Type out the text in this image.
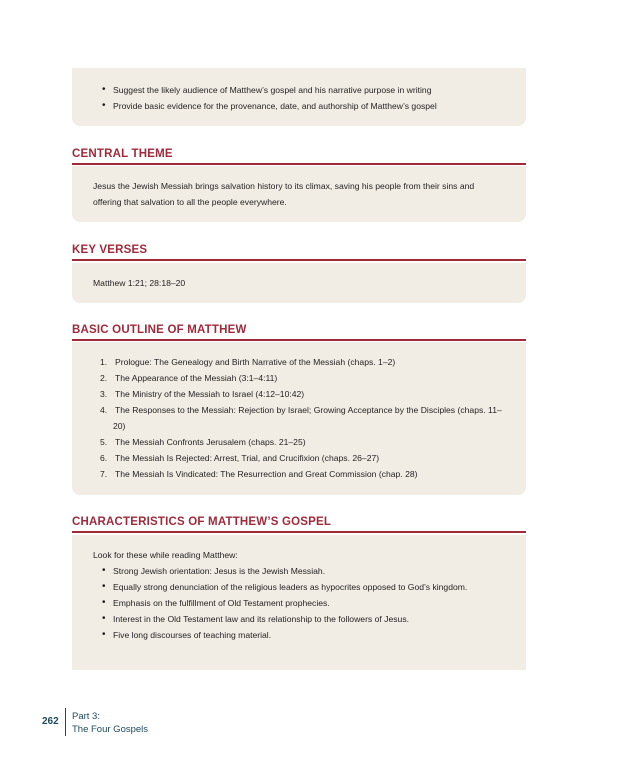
• Suggest the likely audience of Matthew’s gospel and his narrative purpose in writing
• Provide basic evidence for the provenance, date, and authorship of Matthew’s gospel
CENTRAL THEME

Jesus the Jewish Messiah brings salvation history to its climax, saving his people from their sins and offering that salvation to all the people everywhere.

KEY VERSES

Matthew 1:21; 28:18–20

BASIC OUTLINE OF MATTHEW
1. Prologue: The Genealogy and Birth Narrative of the Messiah (chaps. 1–2)
2. The Appearance of the Messiah (3:1–4:11)
3. The Ministry of the Messiah to Israel (4:12–10:42)
4. The Responses to the Messiah: Rejection by Israel; Growing Acceptance by the Disciples (chaps. 11–20)
5. The Messiah Confronts Jerusalem (chaps. 21–25)
6. The Messiah Is Rejected: Arrest, Trial, and Crucifixion (chaps. 26–27)
7. The Messiah Is Vindicated: The Resurrection and Great Commission (chap. 28)
CHARACTERISTICS OF MATTHEW’S GOSPEL

Look for these while reading Matthew:

• Strong Jewish orientation: Jesus is the Jewish Messiah.
• Equally strong denunciation of the religious leaders as hypocrites opposed to God’s kingdom.
• Emphasis on the fulfillment of Old Testament prophecies.
• Interest in the Old Testament law and its relationship to the followers of Jesus.
• Five long discourses of teaching material.
262 Part 3:
The Four Gospels
